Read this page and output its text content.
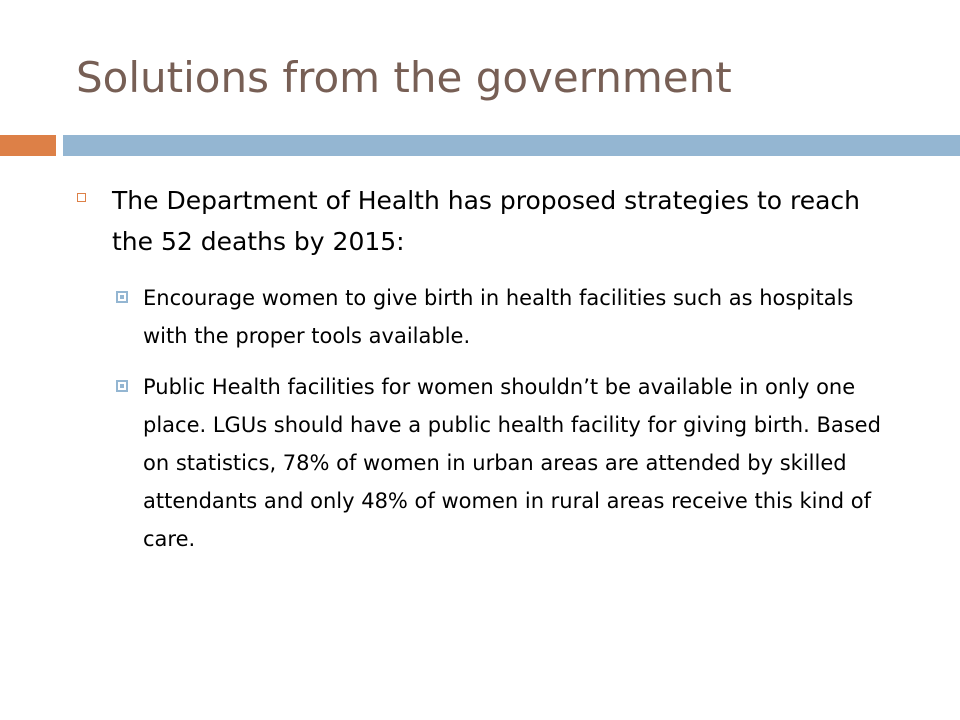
Solutions from the government

The Department of Health has proposed strategies to reach the 52 deaths by 2015:

Encourage women to give birth in health facilities such as hospitals with the proper tools available.

Public Health facilities for women shouldn’t be available in only one place. LGUs should have a public health facility for giving birth. Based on statistics, 78% of women in urban areas are attended by skilled attendants and only 48% of women in rural areas receive this kind of care.
